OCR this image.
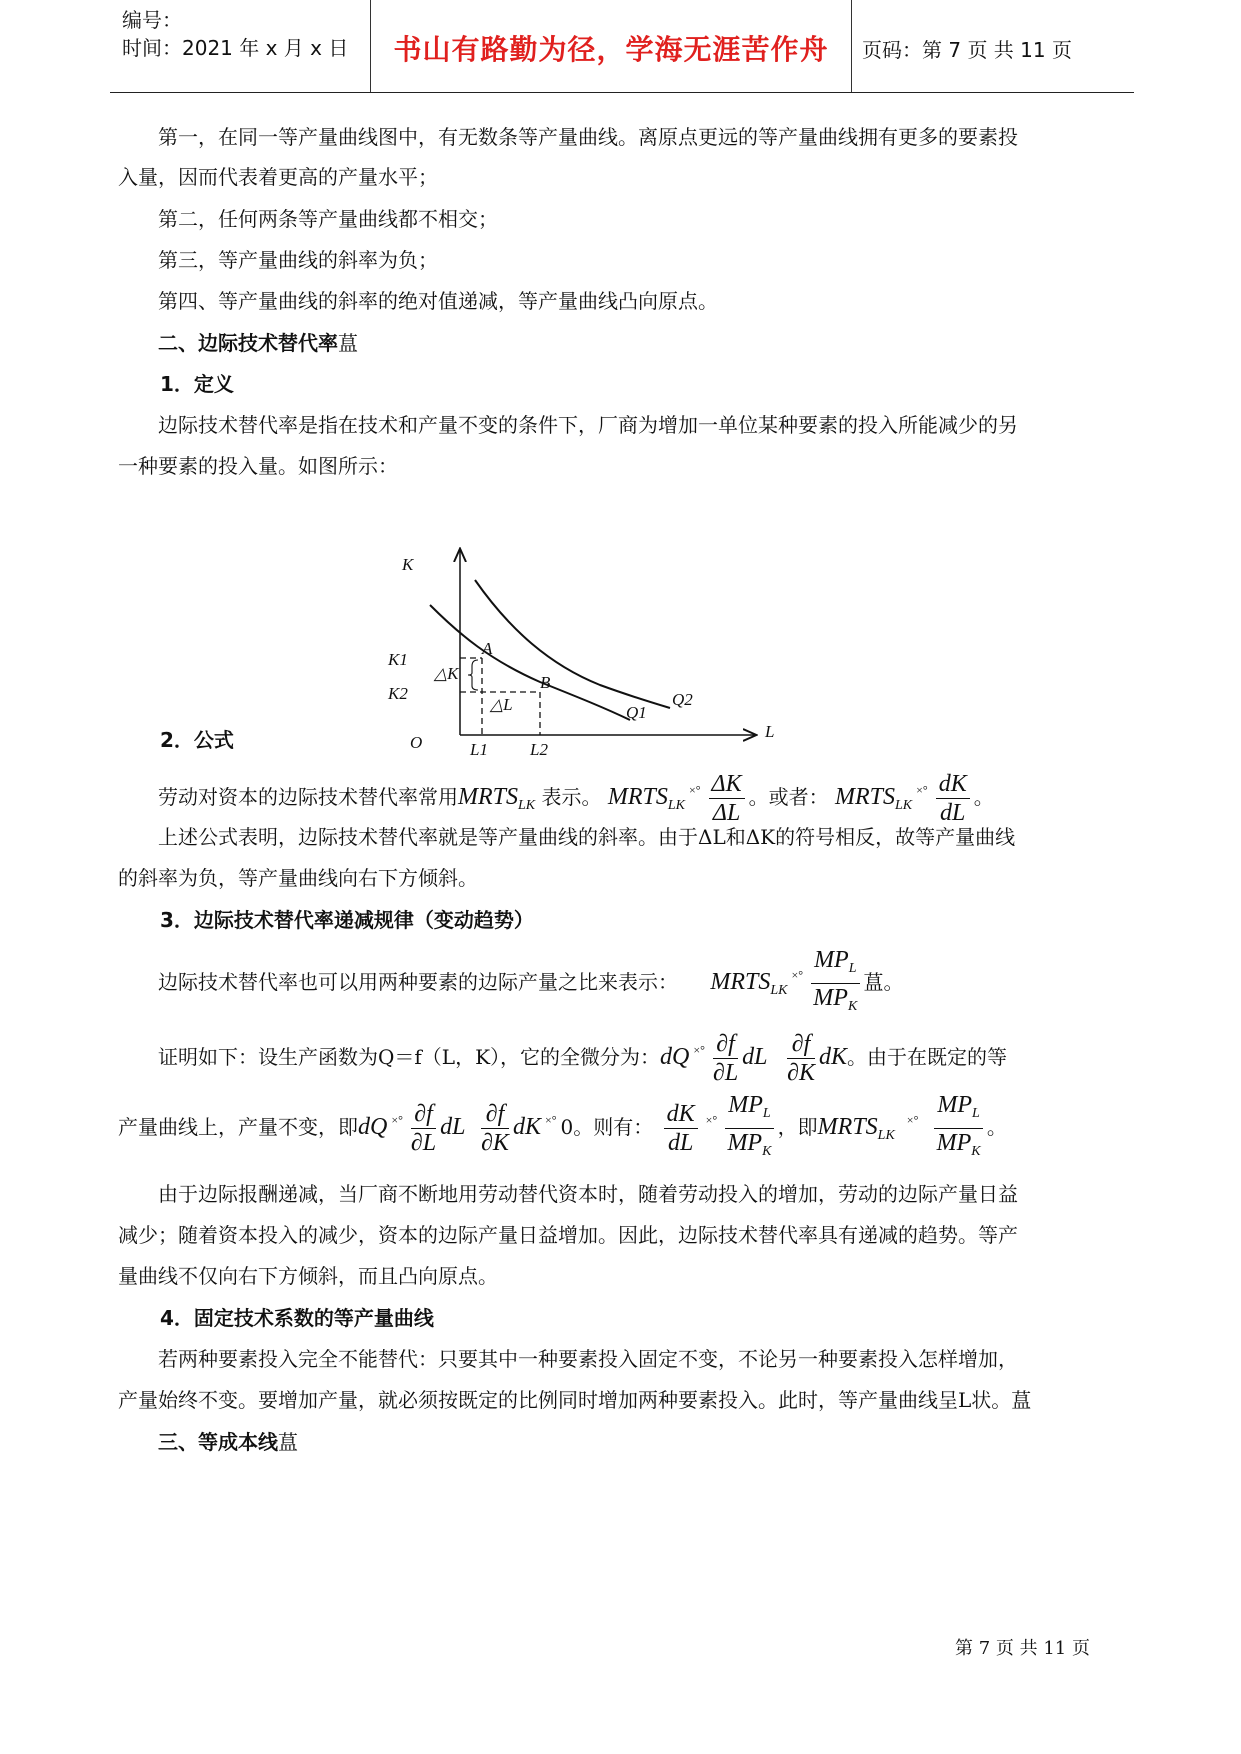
编号：
时间：2021 年 x 月 x 日	书山有路勤为径，学海无涯苦作舟	页码：第 7 页 共 11 页
第一，在同一等产量曲线图中，有无数条等产量曲线。离原点更远的等产量曲线拥有更多的要素投
入量，因而代表着更高的产量水平；
第二，任何两条等产量曲线都不相交；
第三，等产量曲线的斜率为负；
第四、等产量曲线的斜率的绝对值递减，等产量曲线凸向原点。
二、边际技术替代率蒀
1．定义
边际技术替代率是指在技术和产量不变的条件下，厂商为增加一单位某种要素的投入所能减少的另
一种要素的投入量。如图所示：
K
L
O
K1
K2
L1 L2
A
B
△K
△L	Q1
Q2
2．公式
劳动对资本的边际技术替代率常用$MRTS_{LK}$ 表示。 $MRTS_{LK}\times^\circ \frac{\Delta K}{\Delta L}$ 。或者： $MRTS_{LK}\times^\circ \frac{dK}{dL}$ 。
上述公式表明，边际技术替代率就是等产量曲线的斜率。由于ΔL和ΔK的符号相反，故等产量曲线
的斜率为负，等产量曲线向右下方倾斜。
3．边际技术替代率递减规律（变动趋势）
边际技术替代率也可以用两种要素的边际产量之比来表示： $MRTS_{LK}\times^\circ \frac{MP_L}{MP_K}$ 蒀。
证明如下：设生产函数为Q＝f（L，K），它的全微分为：dQ ×° $\frac{\partial f}{\partial L}$ dL $\frac{\partial f}{\partial K}$ dK。由于在既定的等
产量曲线上，产量不变，即dQ ×° $\frac{\partial f}{\partial L}$ dL $\frac{\partial f}{\partial K}$ dK ×° 0。则有： $\frac{dK}{dL}$ ×° $\frac{MP_L}{MP_K}$ ，即$MRTS_{LK}\times^\circ \frac{MP_L}{MP_K}$ 。
由于边际报酬递减，当厂商不断地用劳动替代资本时，随着劳动投入的增加，劳动的边际产量日益
减少；随着资本投入的减少，资本的边际产量日益增加。因此，边际技术替代率具有递减的趋势。等产
量曲线不仅向右下方倾斜，而且凸向原点。
4．固定技术系数的等产量曲线
若两种要素投入完全不能替代：只要其中一种要素投入固定不变，不论另一种要素投入怎样增加，
产量始终不变。要增加产量，就必须按既定的比例同时增加两种要素投入。此时，等产量曲线呈L状。蒀
三、等成本线蒀
第 7 页 共 11 页
